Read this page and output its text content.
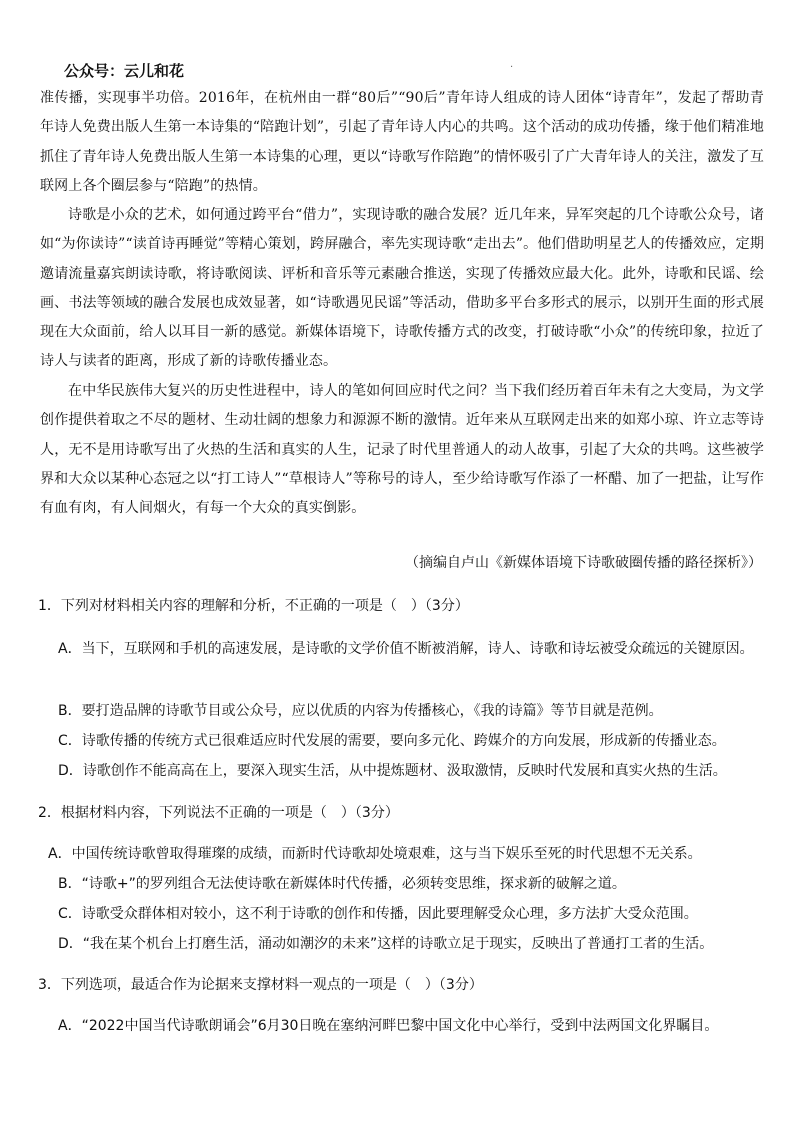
公众号：云儿和花	·

准传播，实现事半功倍。2016年，在杭州由一群“80后”“90后”青年诗人组成的诗人团体“诗青年”，发起了帮助青年诗人免费出版人生第一本诗集的“陪跑计划”，引起了青年诗人内心的共鸣。这个活动的成功传播，缘于他们精准地抓住了青年诗人免费出版人生第一本诗集的心理，更以“诗歌写作陪跑”的情怀吸引了广大青年诗人的关注，激发了互联网上各个圈层参与“陪跑”的热情。

诗歌是小众的艺术，如何通过跨平台“借力”，实现诗歌的融合发展？近几年来，异军突起的几个诗歌公众号，诸如“为你读诗”“读首诗再睡觉”等精心策划，跨屏融合，率先实现诗歌“走出去”。他们借助明星艺人的传播效应，定期邀请流量嘉宾朗读诗歌，将诗歌阅读、评析和音乐等元素融合推送，实现了传播效应最大化。此外，诗歌和民谣、绘画、书法等领域的融合发展也成效显著，如“诗歌遇见民谣”等活动，借助多平台多形式的展示，以别开生面的形式展现在大众面前，给人以耳目一新的感觉。新媒体语境下，诗歌传播方式的改变，打破诗歌“小众”的传统印象，拉近了诗人与读者的距离，形成了新的诗歌传播业态。

在中华民族伟大复兴的历史性进程中，诗人的笔如何回应时代之问？当下我们经历着百年未有之大变局，为文学创作提供着取之不尽的题材、生动壮阔的想象力和源源不断的激情。近年来从互联网走出来的如郑小琼、许立志等诗人，无不是用诗歌写出了火热的生活和真实的人生，记录了时代里普通人的动人故事，引起了大众的共鸣。这些被学界和大众以某种心态冠之以“打工诗人”“草根诗人”等称号的诗人，至少给诗歌写作添了一杯醋、加了一把盐，让写作有血有肉，有人间烟火，有每一个大众的真实倒影。

（摘编自卢山《新媒体语境下诗歌破圈传播的路径探析》）

1．下列对材料相关内容的理解和分析，不正确的一项是（　）（3分）

A．当下，互联网和手机的高速发展，是诗歌的文学价值不断被消解，诗人、诗歌和诗坛被受众疏远的关键原因。

B．要打造品牌的诗歌节目或公众号，应以优质的内容为传播核心，《我的诗篇》等节目就是范例。

C．诗歌传播的传统方式已很难适应时代发展的需要，要向多元化、跨媒介的方向发展，形成新的传播业态。

D．诗歌创作不能高高在上，要深入现实生活，从中提炼题材、汲取激情，反映时代发展和真实火热的生活。

2．根据材料内容，下列说法不正确的一项是（　）（3分）

A．中国传统诗歌曾取得璀璨的成绩，而新时代诗歌却处境艰难，这与当下娱乐至死的时代思想不无关系。

B．“诗歌+”的罗列组合无法使诗歌在新媒体时代传播，必须转变思维，探求新的破解之道。

C．诗歌受众群体相对较小，这不利于诗歌的创作和传播，因此要理解受众心理，多方法扩大受众范围。

D．“我在某个机台上打磨生活，涌动如潮汐的未来”这样的诗歌立足于现实，反映出了普通打工者的生活。

3．下列选项，最适合作为论据来支撑材料一观点的一项是（　）（3分）

A．“2022中国当代诗歌朗诵会”6月30日晚在塞纳河畔巴黎中国文化中心举行，受到中法两国文化界瞩目。
